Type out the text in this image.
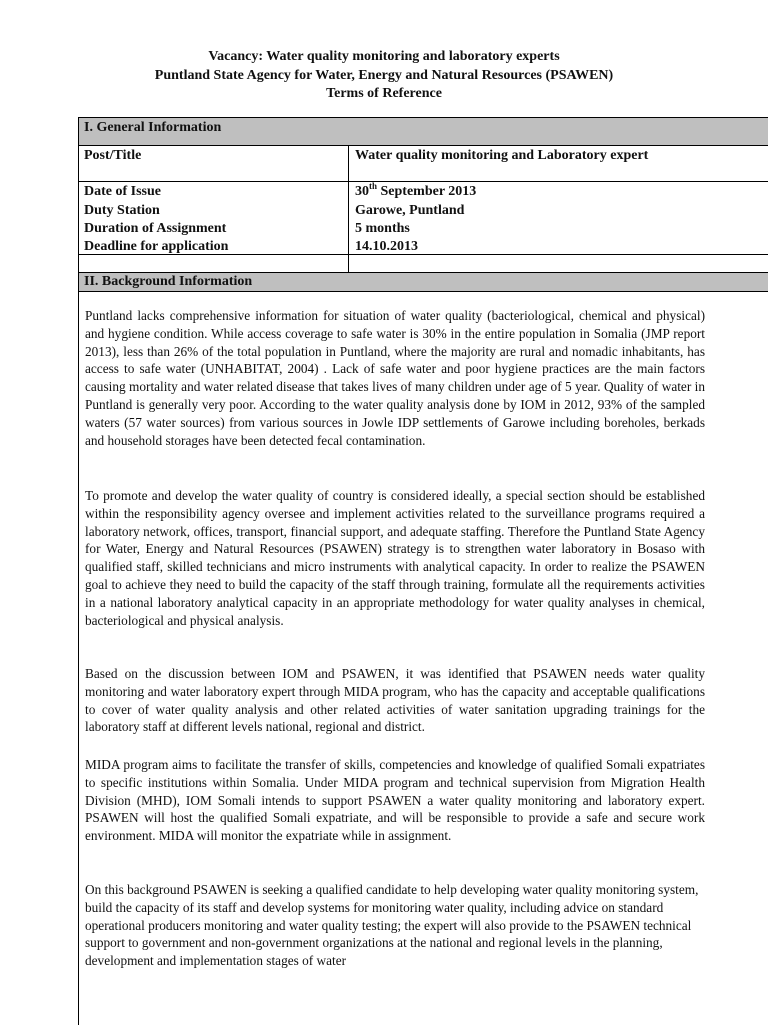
Vacancy: Water quality monitoring and laboratory experts
Puntland State Agency for Water, Energy and Natural Resources (PSAWEN)
Terms of Reference
I. General Information
Post/Title	Water quality monitoring and Laboratory expert
Date of Issue	30th September 2013
Duty Station	Garowe, Puntland
Duration of Assignment	5 months
Deadline for application	14.10.2013
II. Background Information
Puntland lacks comprehensive information for situation of water quality (bacteriological, chemical and physical) and hygiene condition. While access coverage to safe water is 30% in the entire population in Somalia (JMP report 2013), less than 26% of the total population in Puntland, where the majority are rural and nomadic inhabitants, has access to safe water (UNHABITAT, 2004) . Lack of safe water and poor hygiene practices are the main factors causing mortality and water related disease that takes lives of many children under age of 5 year. Quality of water in Puntland is generally very poor. According to the water quality analysis done by IOM in 2012, 93% of the sampled waters (57 water sources) from various sources in Jowle IDP settlements of Garowe including boreholes, berkads and household storages have been detected fecal contamination.
To promote and develop the water quality of country is considered ideally, a special section should be established within the responsibility agency oversee and implement activities related to the surveillance programs required a laboratory network, offices, transport, financial support, and adequate staffing. Therefore the Puntland State Agency for Water, Energy and Natural Resources (PSAWEN) strategy is to strengthen water laboratory in Bosaso with qualified staff, skilled technicians and micro instruments with analytical capacity. In order to realize the PSAWEN goal to achieve they need to build the capacity of the staff through training, formulate all the requirements activities in a national laboratory analytical capacity in an appropriate methodology for water quality analyses in chemical, bacteriological and physical analysis.
Based on the discussion between IOM and PSAWEN, it was identified that PSAWEN needs water quality monitoring and water laboratory expert through MIDA program, who has the capacity and acceptable qualifications to cover of water quality analysis and other related activities of water sanitation upgrading trainings for the laboratory staff at different levels national, regional and district.
MIDA program aims to facilitate the transfer of skills, competencies and knowledge of qualified Somali expatriates to specific institutions within Somalia. Under MIDA program and technical supervision from Migration Health Division (MHD), IOM Somali intends to support PSAWEN a water quality monitoring and laboratory expert. PSAWEN will host the qualified Somali expatriate, and will be responsible to provide a safe and secure work environment. MIDA will monitor the expatriate while in assignment.
On this background PSAWEN is seeking a qualified candidate to help developing water quality monitoring system, build the capacity of its staff and develop systems for monitoring water quality, including advice on standard operational producers monitoring and water quality testing; the expert will also provide to the PSAWEN technical support to government and non-government organizations at the national and regional levels in the planning, development and implementation stages of water
